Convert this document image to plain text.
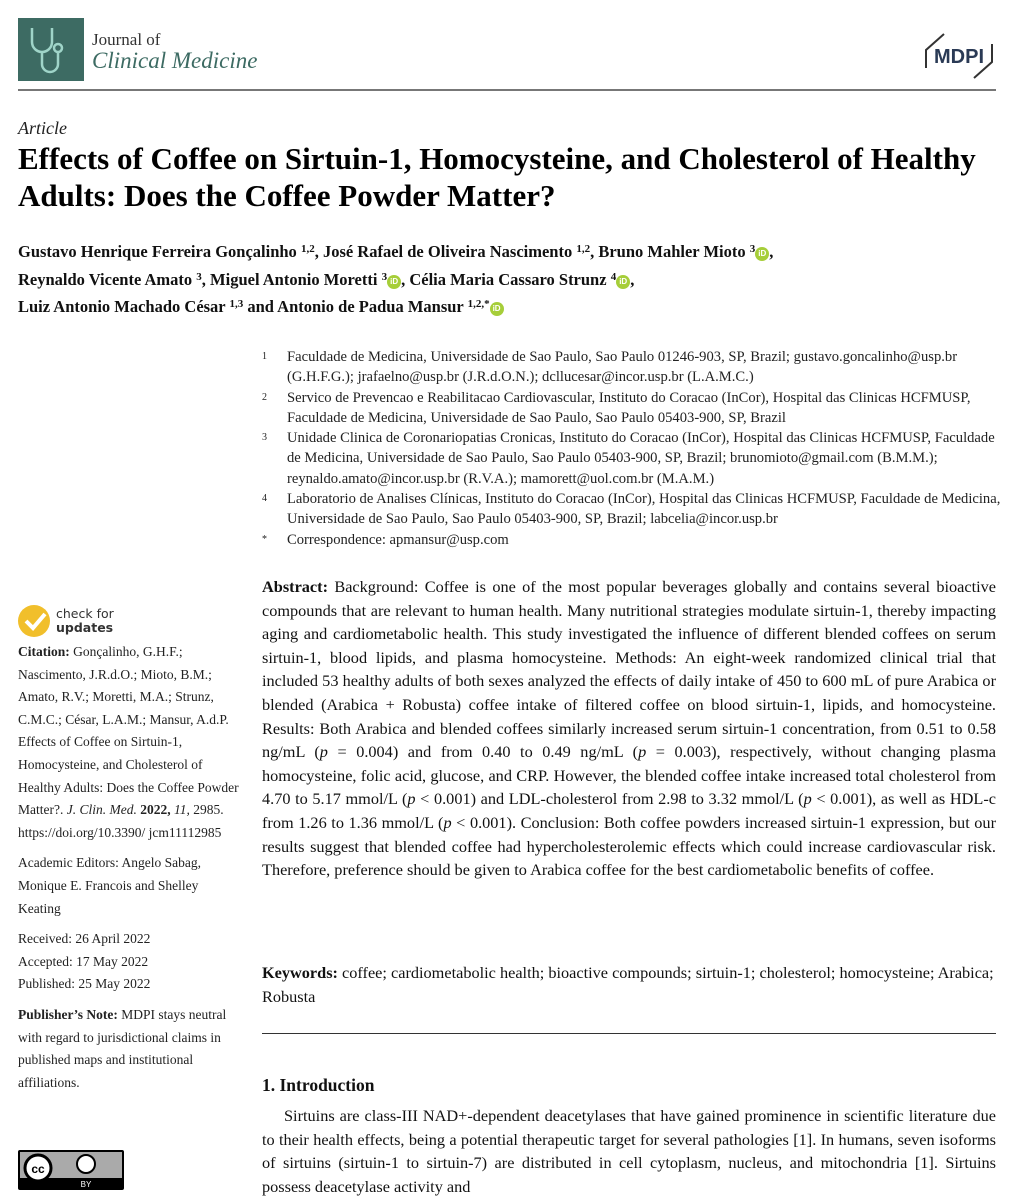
Journal of
Clinical Medicine	MDPI
Article
Effects of Coffee on Sirtuin-1, Homocysteine, and Cholesterol of Healthy Adults: Does the Coffee Powder Matter?
Gustavo Henrique Ferreira Gonçalinho $^{1,2}$, José Rafael de Oliveira Nascimento $^{1,2}$, Bruno Mahler Mioto $^3$ iD ,
Reynaldo Vicente Amato $^3$, Miguel Antonio Moretti $^3$ iD , Célia Maria Cassaro Strunz $^4$ iD ,
Luiz Antonio Machado César $^{1,3}$ and Antonio de Padua Mansur $^{1,2,*}$ iD
1	Faculdade de Medicina, Universidade de Sao Paulo, Sao Paulo 01246-903, SP, Brazil; gustavo.goncalinho@usp.br (G.H.F.G.); jrafaelno@usp.br (J.R.d.O.N.); dcllucesar@incor.usp.br (L.A.M.C.)
2	Servico de Prevencao e Reabilitacao Cardiovascular, Instituto do Coracao (InCor), Hospital das Clinicas HCFMUSP, Faculdade de Medicina, Universidade de Sao Paulo, Sao Paulo 05403-900, SP, Brazil
3	Unidade Clinica de Coronariopatias Cronicas, Instituto do Coracao (InCor), Hospital das Clinicas HCFMUSP, Faculdade de Medicina, Universidade de Sao Paulo, Sao Paulo 05403-900, SP, Brazil; brunomioto@gmail.com (B.M.M.); reynaldo.amato@incor.usp.br (R.V.A.); mamorett@uol.com.br (M.A.M.)
4	Laboratorio de Analises Clínicas, Instituto do Coracao (InCor), Hospital das Clinicas HCFMUSP, Faculdade de Medicina, Universidade de Sao Paulo, Sao Paulo 05403-900, SP, Brazil; labcelia@incor.usp.br
*	Correspondence: apmansur@usp.com
check for
updates
Citation: Gonçalinho, G.H.F.; Nascimento, J.R.d.O.; Mioto, B.M.; Amato, R.V.; Moretti, M.A.; Strunz, C.M.C.; César, L.A.M.; Mansur, A.d.P. Effects of Coffee on Sirtuin-1, Homocysteine, and Cholesterol of Healthy Adults: Does the Coffee Powder Matter?. J. Clin. Med. 2022, 11, 2985. https://doi.org/10.3390/ jcm11112985
Academic Editors: Angelo Sabag, Monique E. Francois and Shelley Keating
Received: 26 April 2022
Accepted: 17 May 2022
Published: 25 May 2022
Publisher’s Note: MDPI stays neutral with regard to jurisdictional claims in published maps and institutional affiliations.
cc
BY
Abstract: Background: Coffee is one of the most popular beverages globally and contains several bioactive compounds that are relevant to human health. Many nutritional strategies modulate sirtuin-1, thereby impacting aging and cardiometabolic health. This study investigated the influence of different blended coffees on serum sirtuin-1, blood lipids, and plasma homocysteine. Methods: An eight-week randomized clinical trial that included 53 healthy adults of both sexes analyzed the effects of daily intake of 450 to 600 mL of pure Arabica or blended (Arabica + Robusta) coffee intake of filtered coffee on blood sirtuin-1, lipids, and homocysteine. Results: Both Arabica and blended coffees similarly increased serum sirtuin-1 concentration, from 0.51 to 0.58 ng/mL (p = 0.004) and from 0.40 to 0.49 ng/mL (p = 0.003), respectively, without changing plasma homocysteine, folic acid, glucose, and CRP. However, the blended coffee intake increased total cholesterol from 4.70 to 5.17 mmol/L (p < 0.001) and LDL-cholesterol from 2.98 to 3.32 mmol/L (p < 0.001), as well as HDL-c from 1.26 to 1.36 mmol/L (p < 0.001). Conclusion: Both coffee powders increased sirtuin-1 expression, but our results suggest that blended coffee had hypercholesterolemic effects which could increase cardiovascular risk. Therefore, preference should be given to Arabica coffee for the best cardiometabolic benefits of coffee.
Keywords: coffee; cardiometabolic health; bioactive compounds; sirtuin-1; cholesterol; homocysteine; Arabica; Robusta
1. Introduction

Sirtuins are class-III NAD+-dependent deacetylases that have gained prominence in scientific literature due to their health effects, being a potential therapeutic target for several pathologies [1]. In humans, seven isoforms of sirtuins (sirtuin-1 to sirtuin-7) are distributed in cell cytoplasm, nucleus, and mitochondria [1]. Sirtuins possess deacetylase activity and
